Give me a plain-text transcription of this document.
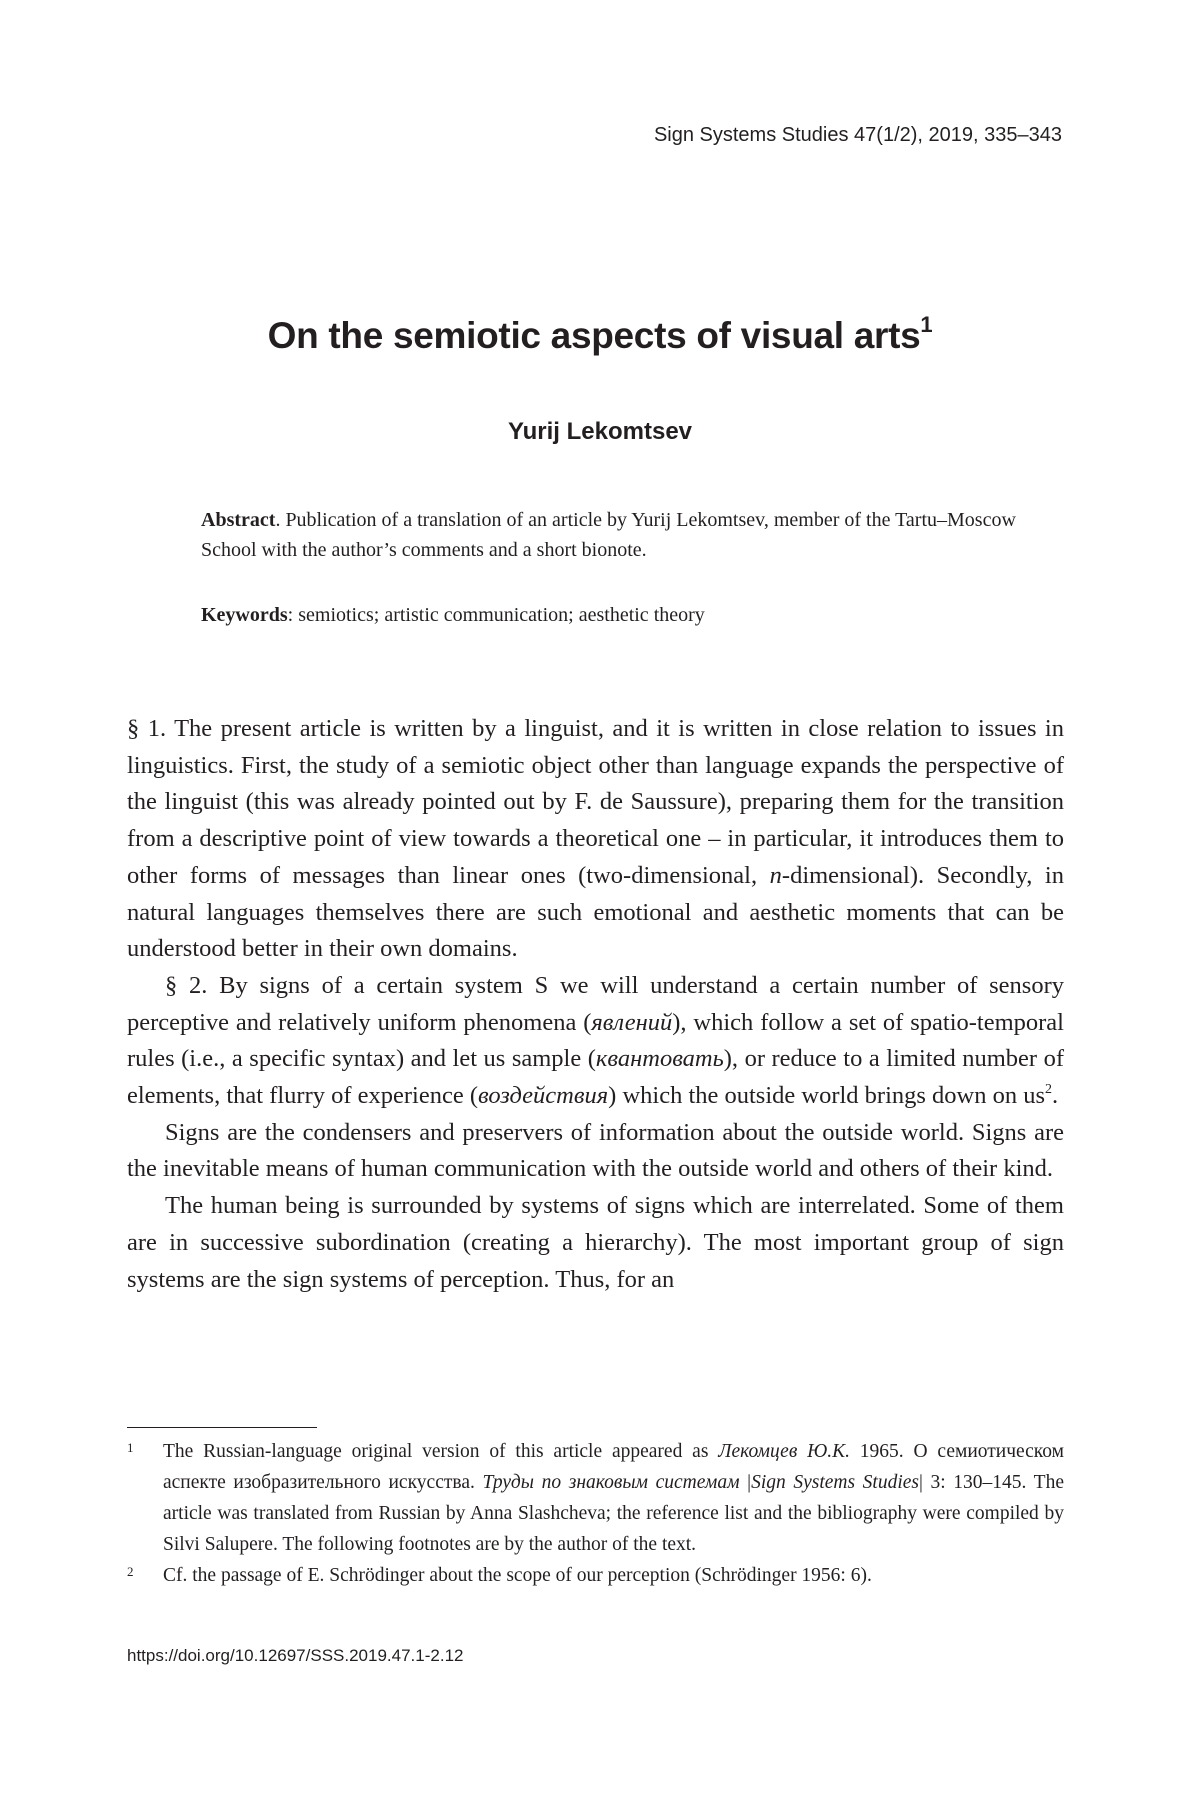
Sign Systems Studies 47(1/2), 2019, 335–343
On the semiotic aspects of visual arts$^1$
Yurij Lekomtsev
Abstract. Publication of a translation of an article by Yurij Lekomtsev, member of the Tartu–Moscow School with the author’s comments and a short bionote.
Keywords: semiotics; artistic communication; aesthetic theory

§ 1. The present article is written by a linguist, and it is written in close relation to issues in linguistics. First, the study of a semiotic object other than language expands the perspective of the linguist (this was already pointed out by F. de Saussure), preparing them for the transition from a descriptive point of view towards a theoretical one – in particular, it introduces them to other forms of messages than linear ones (two-dimensional, n-dimensional). Secondly, in natural languages themselves there are such emotional and aesthetic moments that can be understood better in their own domains.

§ 2. By signs of a certain system S we will understand a certain number of sensory perceptive and relatively uniform phenomena (явлений), which follow a set of spatio-temporal rules (i.e., a specific syntax) and let us sample (квантовать), or reduce to a limited number of elements, that flurry of experience (воздействия) which the outside world brings down on $us^2$.

Signs are the condensers and preservers of information about the outside world. Signs are the inevitable means of human communication with the outside world and others of their kind.

The human being is surrounded by systems of signs which are interrelated. Some of them are in successive subordination (creating a hierarchy). The most important group of sign systems are the sign systems of perception. Thus, for an

1	The Russian-language original version of this article appeared as Лекомцев Ю.К. 1965. О семиотическом аспекте изобразительного искусства. Труды по знаковым системам |Sign Systems Studies| 3: 130–145. The article was translated from Russian by Anna Slashcheva; the reference list and the bibliography were compiled by Silvi Salupere. The following footnotes are by the author of the text.
2	Cf. the passage of E. Schrödinger about the scope of our perception (Schrödinger 1956: 6).
https://doi.org/10.12697/SSS.2019.47.1-2.12
